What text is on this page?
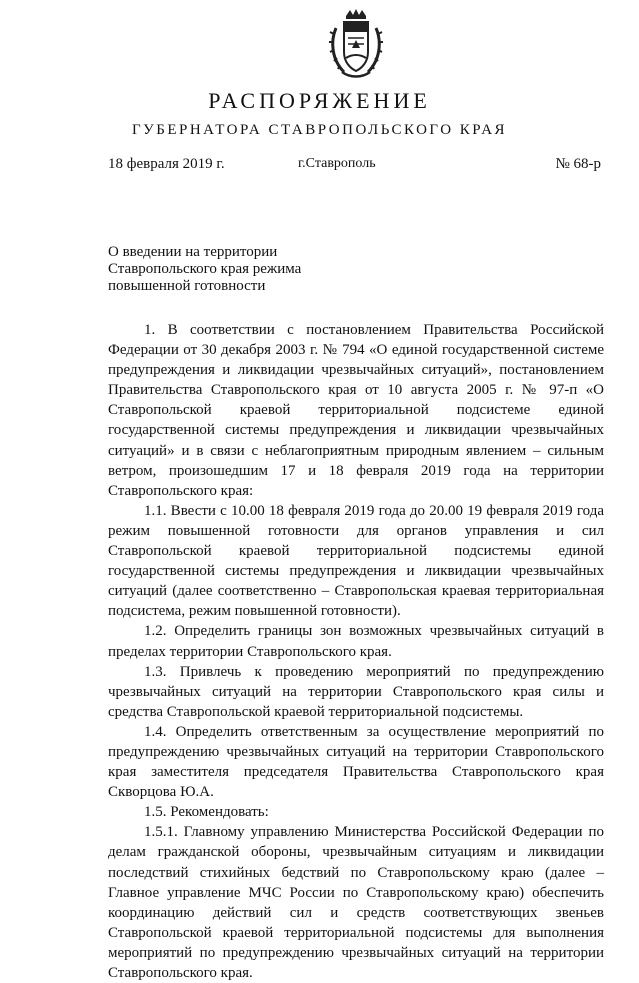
РАСПОРЯЖЕНИЕ
ГУБЕРНАТОРА СТАВРОПОЛЬСКОГО КРАЯ
18 февраля 2019 г.	г.Ставрополь	№ 68-р
О введении на территории Ставропольского края режима повышенной готовности

1. В соответствии с постановлением Правительства Российской Федерации от 30 декабря 2003 г. № 794 «О единой государственной системе предупреждения и ликвидации чрезвычайных ситуаций», постановлением Правительства Ставропольского края от 10 августа 2005 г. № 97-п «О Ставропольской краевой территориальной подсистеме единой государственной системы предупреждения и ликвидации чрезвычайных ситуаций» и в связи с неблагоприятным природным явлением – сильным ветром, произошедшим 17 и 18 февраля 2019 года на территории Ставропольского края:

1.1. Ввести с 10.00 18 февраля 2019 года до 20.00 19 февраля 2019 года режим повышенной готовности для органов управления и сил Ставропольской краевой территориальной подсистемы единой государственной системы предупреждения и ликвидации чрезвычайных ситуаций (далее соответственно – Ставропольская краевая территориальная подсистема, режим повышенной готовности).

1.2. Определить границы зон возможных чрезвычайных ситуаций в пределах территории Ставропольского края.

1.3. Привлечь к проведению мероприятий по предупреждению чрезвычайных ситуаций на территории Ставропольского края силы и средства Ставропольской краевой территориальной подсистемы.

1.4. Определить ответственным за осуществление мероприятий по предупреждению чрезвычайных ситуаций на территории Ставропольского края заместителя председателя Правительства Ставропольского края Скворцова Ю.А.

1.5. Рекомендовать:

1.5.1. Главному управлению Министерства Российской Федерации по делам гражданской обороны, чрезвычайным ситуациям и ликвидации последствий стихийных бедствий по Ставропольскому краю (далее – Главное управление МЧС России по Ставропольскому краю) обеспечить координацию действий сил и средств соответствующих звеньев Ставропольской краевой территориальной подсистемы для выполнения мероприятий по предупреждению чрезвычайных ситуаций на территории Ставропольского края.
